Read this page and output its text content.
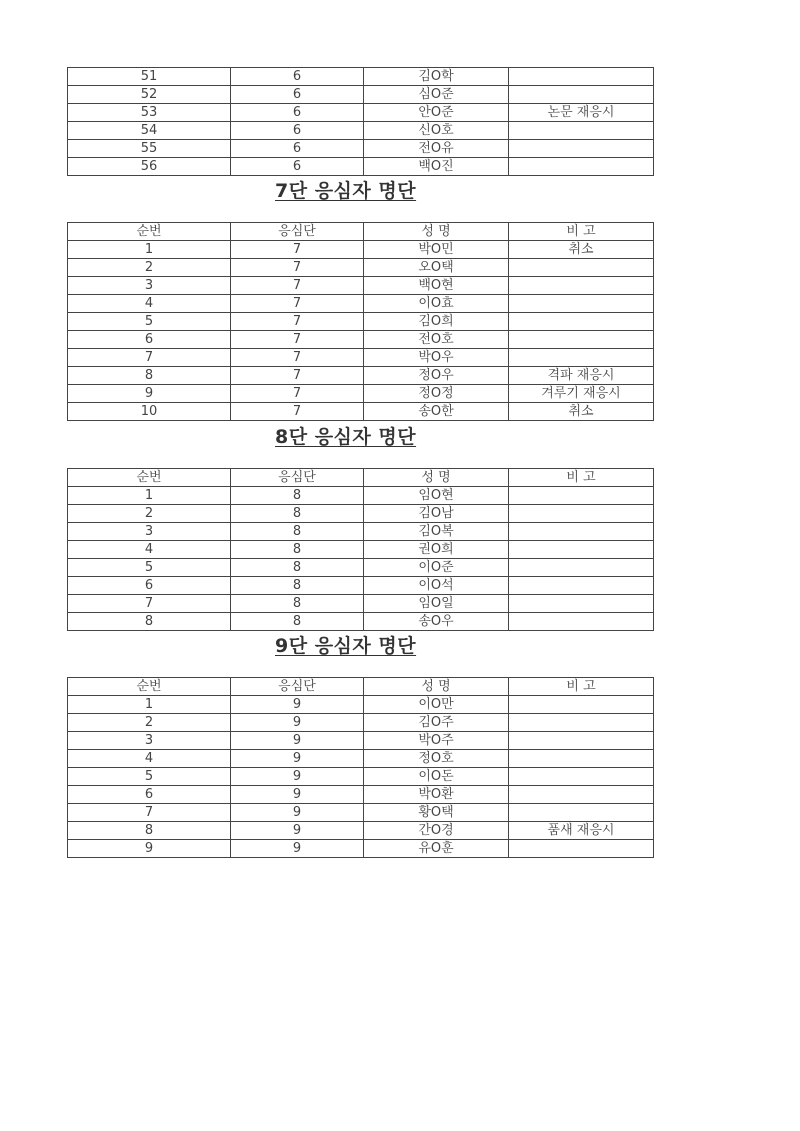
51	6	김O학	
52	6	심O준	
53	6	안O준	논문 재응시
54	6	신O호	
55	6	전O유	
56	6	백O진	
7단 응심자 명단
순번	응심단	성 명	비 고
1	7	박O민	취소
2	7	오O택	
3	7	백O현	
4	7	이O효	
5	7	김O희	
6	7	전O호	
7	7	박O우	
8	7	정O우	격파 재응시
9	7	정O정	겨루기 재응시
10	7	송O한	취소
8단 응심자 명단
순번	응심단	성 명	비 고
1	8	임O현	
2	8	김O남	
3	8	김O복	
4	8	권O희	
5	8	이O준	
6	8	이O석	
7	8	임O일	
8	8	송O우	
9단 응심자 명단
순번	응심단	성 명	비 고
1	9	이O만	
2	9	김O주	
3	9	박O주	
4	9	정O호	
5	9	이O돈	
6	9	박O환	
7	9	황O택	
8	9	간O경	품새 재응시
9	9	유O훈	
